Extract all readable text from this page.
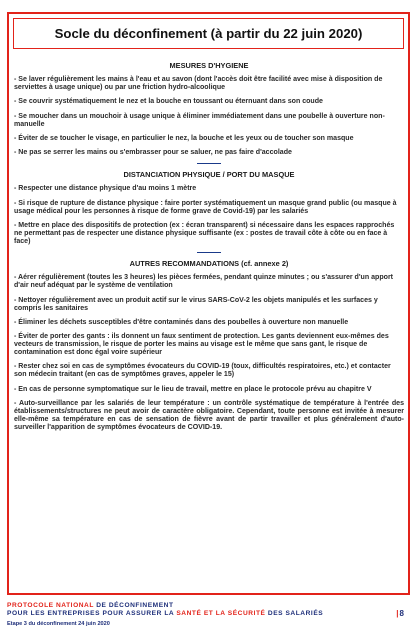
Socle du déconfinement (à partir du 22 juin 2020)
MESURES D'HYGIENE
- Se laver régulièrement les mains à l'eau et au savon (dont l'accès doit être facilité avec mise à disposition de serviettes à usage unique) ou par une friction hydro-alcoolique
- Se couvrir systématiquement le nez et la bouche en toussant ou éternuant dans son coude
- Se moucher dans un mouchoir à usage unique à éliminer immédiatement dans une poubelle à ouverture non-manuelle
- Éviter de se toucher le visage, en particulier le nez, la bouche et les yeux ou de toucher son masque
- Ne pas se serrer les mains ou s'embrasser pour se saluer, ne pas faire d'accolade
DISTANCIATION PHYSIQUE / PORT DU MASQUE
- Respecter une distance physique d'au moins 1 mètre
- Si risque de rupture de distance physique : faire porter systématiquement un masque grand public (ou masque à usage médical pour les personnes à risque de forme grave de Covid-19) par les salariés
- Mettre en place des dispositifs de protection (ex : écran transparent) si nécessaire dans les espaces rapprochés ne permettant pas de respecter une distance physique suffisante (ex : postes de travail côte à côte ou en face à face)
AUTRES RECOMMANDATIONS (cf. annexe 2)
- Aérer régulièrement (toutes les 3 heures) les pièces fermées, pendant quinze minutes ; ou s'assurer d'un apport d'air neuf adéquat par le système de ventilation
- Nettoyer régulièrement avec un produit actif sur le virus SARS-CoV-2 les objets manipulés et les surfaces y compris les sanitaires
- Éliminer les déchets susceptibles d'être contaminés dans des poubelles à ouverture non manuelle
- Éviter de porter des gants : ils donnent un faux sentiment de protection. Les gants deviennent eux-mêmes des vecteurs de transmission, le risque de porter les mains au visage est le même que sans gant, le risque de contamination est donc égal voire supérieur
- Rester chez soi en cas de symptômes évocateurs du COVID-19 (toux, difficultés respiratoires, etc.) et contacter son médecin traitant (en cas de symptômes graves, appeler le 15)
- En cas de personne symptomatique sur le lieu de travail, mettre en place le protocole prévu au chapitre V
- Auto-surveillance par les salariés de leur température : un contrôle systématique de température à l'entrée des établissements/structures ne peut avoir de caractère obligatoire. Cependant, toute personne est invitée à mesurer elle-même sa température en cas de sensation de fièvre avant de partir travailler et plus généralement d'auto-surveiller l'apparition de symptômes évocateurs de COVID-19.
PROTOCOLE NATIONAL DE DÉCONFINEMENT
POUR LES ENTREPRISES POUR ASSURER LA SANTÉ ET LA SÉCURITÉ DES SALARIÉS
Etape 3 du déconfinement 24 juin 2020
|8
